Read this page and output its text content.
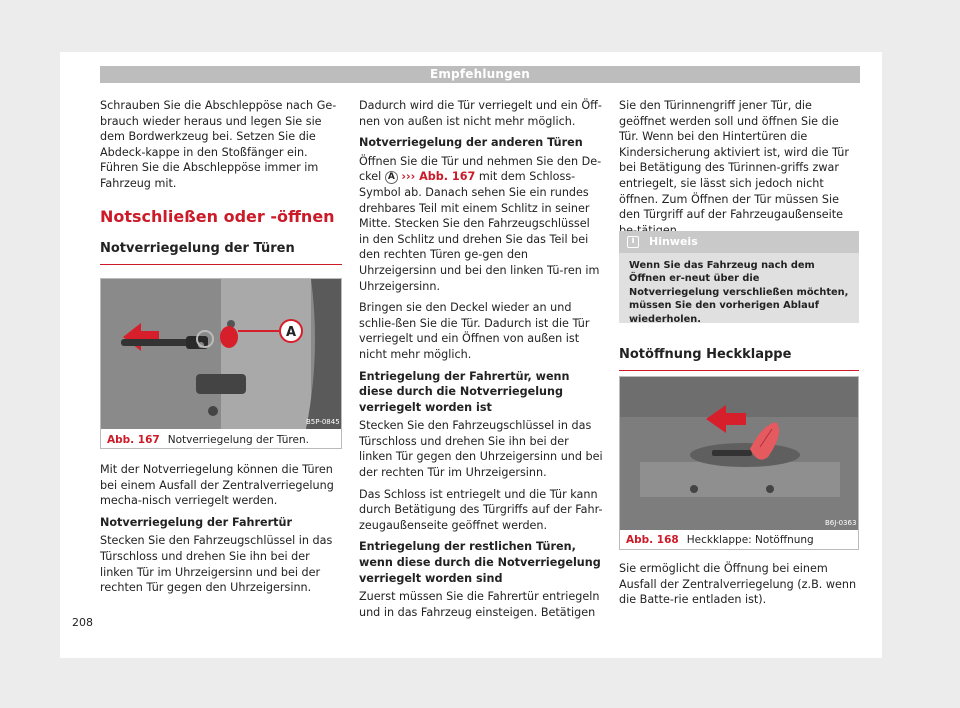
Empfehlungen

Schrauben Sie die Abschleppöse nach Ge-brauch wieder heraus und legen Sie sie dem Bordwerkzeug bei. Setzen Sie die Abdeck-kappe in den Stoßfänger ein. Führen Sie die Abschleppöse immer im Fahrzeug mit.

Notschließen oder -öffnen
Notverriegelung der Türen
A
B5P-0845
Abb. 167 Notverriegelung der Türen.

Mit der Notverriegelung können die Türen bei einem Ausfall der Zentralverriegelung mecha-nisch verriegelt werden.

Notverriegelung der Fahrertür

Stecken Sie den Fahrzeugschlüssel in das Türschloss und drehen Sie ihn bei der linken Tür im Uhrzeigersinn und bei der rechten Tür gegen den Uhrzeigersinn.

Dadurch wird die Tür verriegelt und ein Öff-nen von außen ist nicht mehr möglich.

Notverriegelung der anderen Türen

Öffnen Sie die Tür und nehmen Sie den De-ckel A ››› Abb. 167 mit dem Schloss-Symbol ab. Danach sehen Sie ein rundes drehbares Teil mit einem Schlitz in seiner Mitte. Stecken Sie den Fahrzeugschlüssel in den Schlitz und drehen Sie das Teil bei den rechten Türen ge-gen den Uhrzeigersinn und bei den linken Tü-ren im Uhrzeigersinn.

Bringen sie den Deckel wieder an und schlie-ßen Sie die Tür. Dadurch ist die Tür verriegelt und ein Öffnen von außen ist nicht mehr möglich.

Entriegelung der Fahrertür, wenn diese durch die Notverriegelung verriegelt worden ist

Stecken Sie den Fahrzeugschlüssel in das Türschloss und drehen Sie ihn bei der linken Tür gegen den Uhrzeigersinn und bei der rechten Tür im Uhrzeigersinn.

Das Schloss ist entriegelt und die Tür kann durch Betätigung des Türgriffs auf der Fahr-zeugaußenseite geöffnet werden.

Entriegelung der restlichen Türen, wenn diese durch die Notverriegelung verriegelt worden sind

Zuerst müssen Sie die Fahrertür entriegeln und in das Fahrzeug einsteigen. Betätigen

Sie den Türinnengriff jener Tür, die geöffnet werden soll und öffnen Sie die Tür. Wenn bei den Hintertüren die Kindersicherung aktiviert ist, wird die Tür bei Betätigung des Türinnen-griffs zwar entriegelt, sie lässt sich jedoch nicht öffnen. Zum Öffnen der Tür müssen Sie den Türgriff auf der Fahrzeugaußenseite

i	Hinweis
Wenn Sie das Fahrzeug nach dem Öffnen er-neut über die Notverriegelung verschließen möchten, müssen Sie den vorherigen Ablauf wiederholen.
Notöffnung Heckklappe
B6J-0363
Abb. 168 Heckklappe: Notöffnung

Sie ermöglicht die Öffnung bei einem Ausfall der Zentralverriegelung (z.B. wenn die Batte-rie entladen ist).

208
